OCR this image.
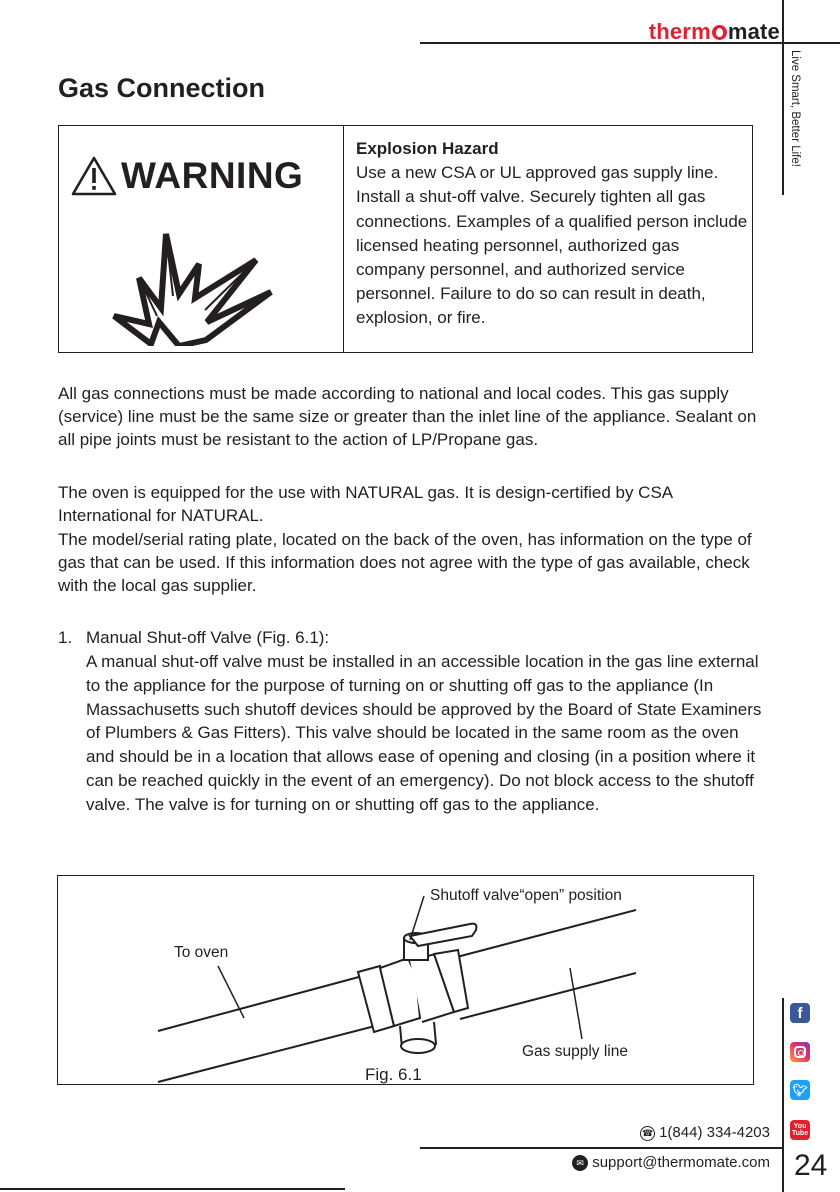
therm mate
Live Smart, Better Life!
f
🐦︎
You
Tube
24
Gas Connection
WARNING
Explosion Hazard
Use a new CSA or UL approved gas supply line. Install a shut-off valve. Securely tighten all gas connections. Examples of a qualified person include licensed heating personnel, authorized gas company personnel, and authorized service personnel. Failure to do so can result in death, explosion, or fire.
All gas connections must be made according to national and local codes. This gas supply (service) line must be the same size or greater than the inlet line of the appliance. Sealant on all pipe joints must be resistant to the action of LP/Propane gas.
The oven is equipped for the use with NATURAL gas. It is design-certified by CSA International for NATURAL.
The model/serial rating plate, located on the back of the oven, has information on the type of gas that can be used. If this information does not agree with the type of gas available, check with the local gas supplier.
1. Manual Shut-off Valve (Fig. 6.1):
A manual shut-off valve must be installed in an accessible location in the gas line external to the appliance for the purpose of turning on or shutting off gas to the appliance (In Massachusetts such shutoff devices should be approved by the Board of State Examiners of Plumbers & Gas Fitters). This valve should be located in the same room as the oven and should be in a location that allows ease of opening and closing (in a position where it can be reached quickly in the event of an emergency). Do not block access to the shutoff valve. The valve is for turning on or shutting off gas to the appliance.
Shutoff valve“open” position
To oven
Gas supply line
Fig. 6.1
☎︎ 1(844) 334-4203
✉︎ support@thermomate.com
